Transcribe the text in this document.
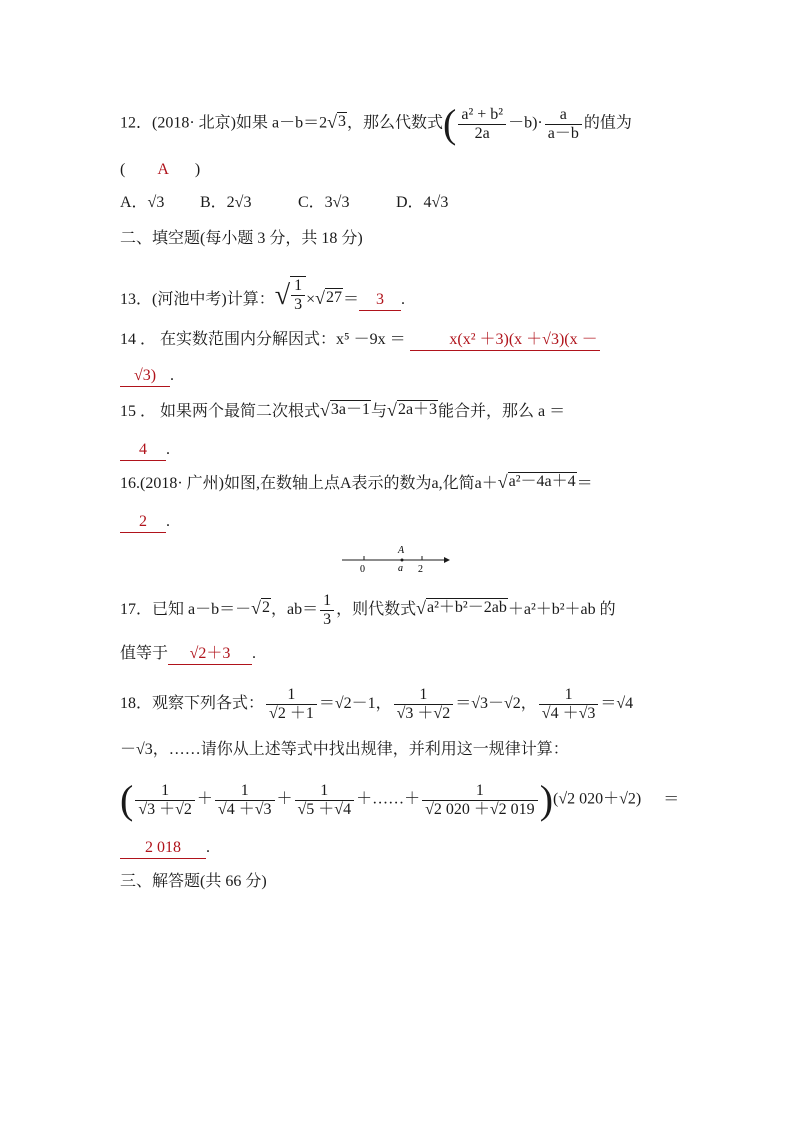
12．(2018· 北京)如果 a－b＝2 √ 3 ，那么代数式( $\frac{\text{a² + b²}}{2a} -b)\cdot \frac{a}{a-b}$ 的值为
( A )
A．√3 B．2√3	C．3√3	D．4√3
二、填空题(每小题 3 分，共 18 分)
13．(河池中考)计算： √ $\frac{1}{3}$ × √ 27 ＝ 3 .
14 ． 在实数范围内分解因式：x⁵ －9x ＝	x(x² ＋3)(x ＋√3)(x －
√3) .
15 ． 如果两个最简二次根式 √ 3a－1 与 √ 2a＋3 能合并，那么 a ＝
4 .
16.(2018· 广州)如图,在数轴上点A表示的数为a,化简a＋ √ a²－4a＋4 ＝
2 .
A
a
0	2
17．已知 a－b＝－ √ 2 ，$ab= \frac{1}{3}$ ，则代数式 √ a²＋b²－2ab ＋a²＋b²＋ab 的
值等于 √2＋3 .
18．观察下列各式： $\frac{1}{√2 +1} =√2-1$， $\frac{1}{√3 +√2} =√3-√2$， $\frac{1}{√4 +√3} =√4$
－√3，……请你从上述等式中找出规律，并利用这一规律计算：
( $\frac{1}{√3 +√2} + \frac{1}{√4 +√3} + \frac{1}{√5 +√4}$ ＋……＋ $\frac{1}{√2 020 +√2 019} )(√2$ 020＋√2) ＝
2 018 .
三、解答题(共 66 分)
